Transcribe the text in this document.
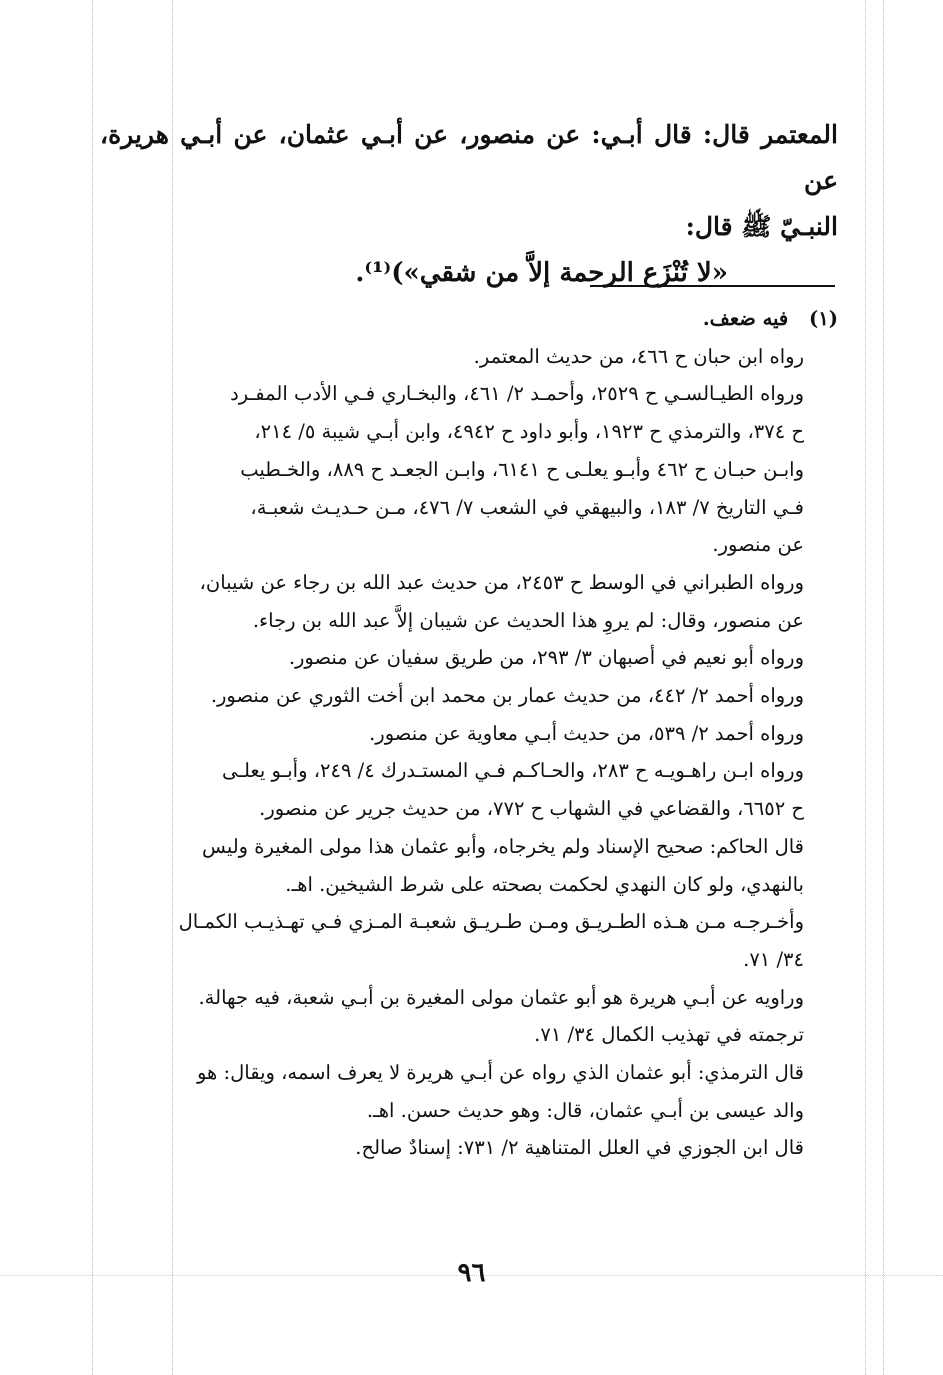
المعتمر قال: قال أبـي: عن منصور، عن أبـي عثمان، عن أبـي هريرة، عن

النبـيّ ﷺ قال:

«لا تُنْزَع الرحمة إلاَّ من شقي»)⁽¹⁾.

(١) فيه ضعف.

رواه ابن حبان ح ٤٦٦، من حديث المعتمر.

ورواه الطيـالسـي ح ٢٥٢٩، وأحمـد ٢/ ٤٦١، والبخـاري فـي الأدب المفـرد

ح ٣٧٤، والترمذي ح ١٩٢٣، وأبو داود ح ٤٩٤٢، وابن أبـي شيبة ٥/ ٢١٤،

وابـن حبـان ح ٤٦٢ وأبـو يعلـى ح ٦١٤١، وابـن الجعـد ح ٨٨٩، والخـطيب

فـي التاريخ ٧/ ١٨٣، والبيهقي في الشعب ٧/ ٤٧٦، مـن حـديـث شعبـة،

عن منصور.

ورواه الطبراني في الوسط ح ٢٤٥٣، من حديث عبد الله بن رجاء عن شيبان،

عن منصور، وقال: لم يروِ هذا الحديث عن شيبان إلاَّ عبد الله بن رجاء.

ورواه أبو نعيم في أصبهان ٣/ ٢٩٣، من طريق سفيان عن منصور.

ورواه أحمد ٢/ ٤٤٢، من حديث عمار بن محمد ابن أخت الثوري عن منصور.

ورواه أحمد ٢/ ٥٣٩، من حديث أبـي معاوية عن منصور.

ورواه ابـن راهـويـه ح ٢٨٣، والحـاكـم فـي المستـدرك ٤/ ٢٤٩، وأبـو يعلـى

ح ٦٦٥٢، والقضاعي في الشهاب ح ٧٧٢، من حديث جرير عن منصور.

قال الحاكم: صحيح الإسناد ولم يخرجاه، وأبو عثمان هذا مولى المغيرة وليس

بالنهدي، ولو كان النهدي لحكمت بصحته على شرط الشيخين. اهـ.

وأخـرجـه مـن هـذه الطـريـق ومـن طـريـق شعبـة المـزي فـي تهـذيـب الكمـال

٣٤/ ٧١.

وراويه عن أبـي هريرة هو أبو عثمان مولى المغيرة بن أبـي شعبة، فيه جهالة.

ترجمته في تهذيب الكمال ٣٤/ ٧١.

قال الترمذي: أبو عثمان الذي رواه عن أبـي هريرة لا يعرف اسمه، ويقال: هو

والد عيسى بن أبـي عثمان، قال: وهو حديث حسن. اهـ.

قال ابن الجوزي في العلل المتناهية ٢/ ٧٣١: إسنادٌ صالح.

٩٦
